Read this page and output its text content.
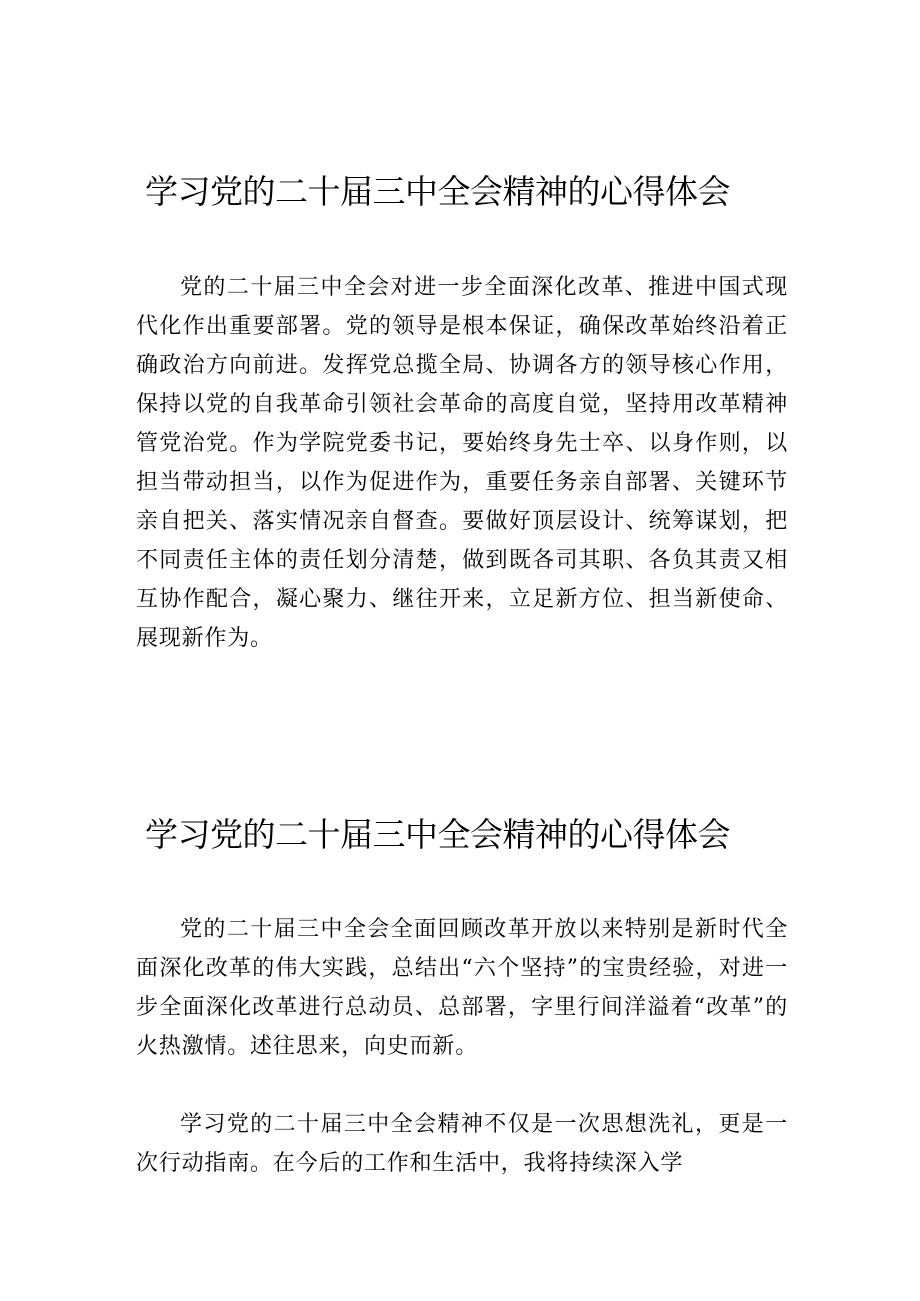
学习党的二十届三中全会精神的心得体会

党的二十届三中全会对进一步全面深化改革、推进中国式现代化作出重要部署。党的领导是根本保证，确保改革始终沿着正确政治方向前进。发挥党总揽全局、协调各方的领导核心作用，保持以党的自我革命引领社会革命的高度自觉，坚持用改革精神管党治党。作为学院党委书记，要始终身先士卒、以身作则，以担当带动担当，以作为促进作为，重要任务亲自部署、关键环节亲自把关、落实情况亲自督查。要做好顶层设计、统筹谋划，把不同责任主体的责任划分清楚，做到既各司其职、各负其责又相互协作配合，凝心聚力、继往开来，立足新方位、担当新使命、展现新作为。

学习党的二十届三中全会精神的心得体会

党的二十届三中全会全面回顾改革开放以来特别是新时代全面深化改革的伟大实践，总结出“六个坚持”的宝贵经验，对进一步全面深化改革进行总动员、总部署，字里行间洋溢着“改革”的火热激情。述往思来，向史而新。

学习党的二十届三中全会精神不仅是一次思想洗礼，更是一次行动指南。在今后的工作和生活中，我将持续深入学
